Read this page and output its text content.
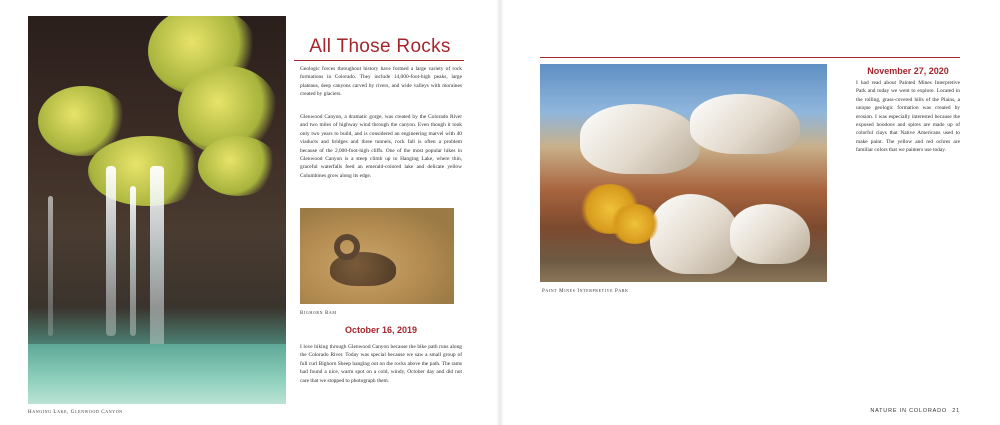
Hanging Lake, Glenwood Canyon

All Those Rocks

Geologic forces throughout history have formed a large variety of rock formations in Colorado. They include 14,000-foot-high peaks, large plateaus, deep canyons carved by rivers, and wide valleys with moraines created by glaciers.

Glenwood Canyon, a dramatic gorge, was created by the Colorado River and two miles of highway wind through the canyon. Even though it took only two years to build, and is considered an engineering marvel with 40 viaducts and bridges and three tunnels, rock fall is often a problem because of the 2,000-foot-high cliffs. One of the most popular hikes in Glenwood Canyon is a steep climb up to Hanging Lake, where thin, graceful waterfalls feed an emerald-colored lake and delicate yellow Columbines grow along its edge.

Bighorn Ram

October 16, 2019

I love biking through Glenwood Canyon because the bike path runs along the Colorado River. Today was special because we saw a small group of full curl Bighorn Sheep hanging out on the rocks above the path. The rams had found a nice, warm spot on a cold, windy, October day and did not care that we stopped to photograph them.

Paint Mines Interpretive Park

November 27, 2020

I had read about Painted Mines Interpretive Park and today we went to explore. Located in the rolling, grass-covered hills of the Plains, a unique geologic formation was created by erosion. I was especially interested because the exposed hoodoos and spires are made up of colorful clays that Native Americans used to make paint. The yellow and red ochres are familiar colors that we painters use today.

NATURE IN COLORADO 21
